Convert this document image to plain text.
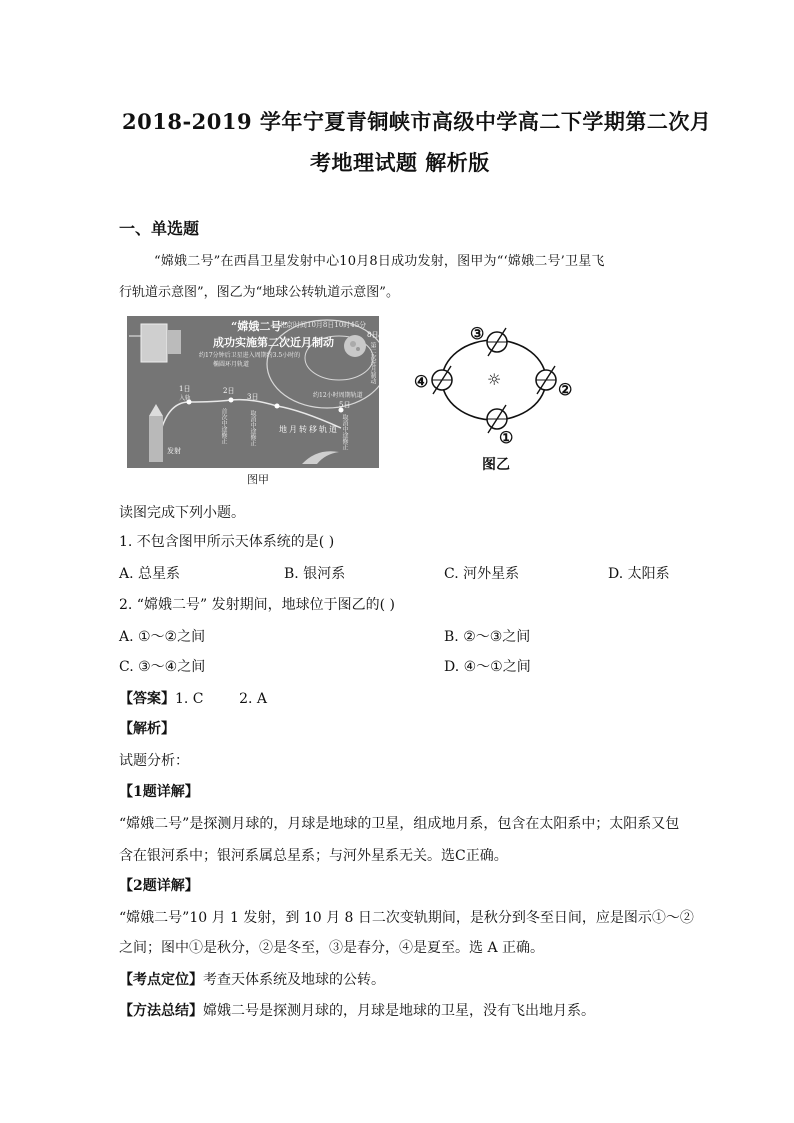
2018-2019 学年宁夏青铜峡市高级中学高二下学期第二次月
考地理试题 解析版
一、单选题
“嫦娥二号”在西昌卫星发射中心10月8日成功发射，图甲为“‘嫦娥二号’卫星飞
行轨道示意图”，图乙为“地球公转轨道示意图”。
“嫦娥二号”
北京时间10月8日10时45分
成功实施第二次近月制动
约17分钟后卫星进入周期约3.5小时的
椭圆环月轨道
1日
入轨
2日
首次中途修正
3日
取消中途修正
5日
取消中途修正
8日
第二次近月制动
地月转移轨道
发射
约12小时周期轨道
图甲
☼
③
②
①
④
图乙
读图完成下列小题。
1. 不包含图甲所示天体系统的是( )
A. 总星系	B. 银河系	C. 河外星系	D. 太阳系
2. “嫦娥二号” 发射期间，地球位于图乙的( )
A. ①～②之间	B. ②～③之间
C. ③～④之间	D. ④～①之间
【答案】1. C        2. A
【解析】
试题分析：
【1题详解】
“嫦娥二号”是探测月球的，月球是地球的卫星，组成地月系，包含在太阳系中；太阳系又包
含在银河系中；银河系属总星系；与河外星系无关。选C正确。
【2题详解】
“嫦娥二号”10 月 1 发射，到 10 月 8 日二次变轨期间，是秋分到冬至日间，应是图示①～②
之间；图中①是秋分，②是冬至，③是春分，④是夏至。选 A 正确。
【考点定位】考查天体系统及地球的公转。
【方法总结】嫦娥二号是探测月球的，月球是地球的卫星，没有飞出地月系。
